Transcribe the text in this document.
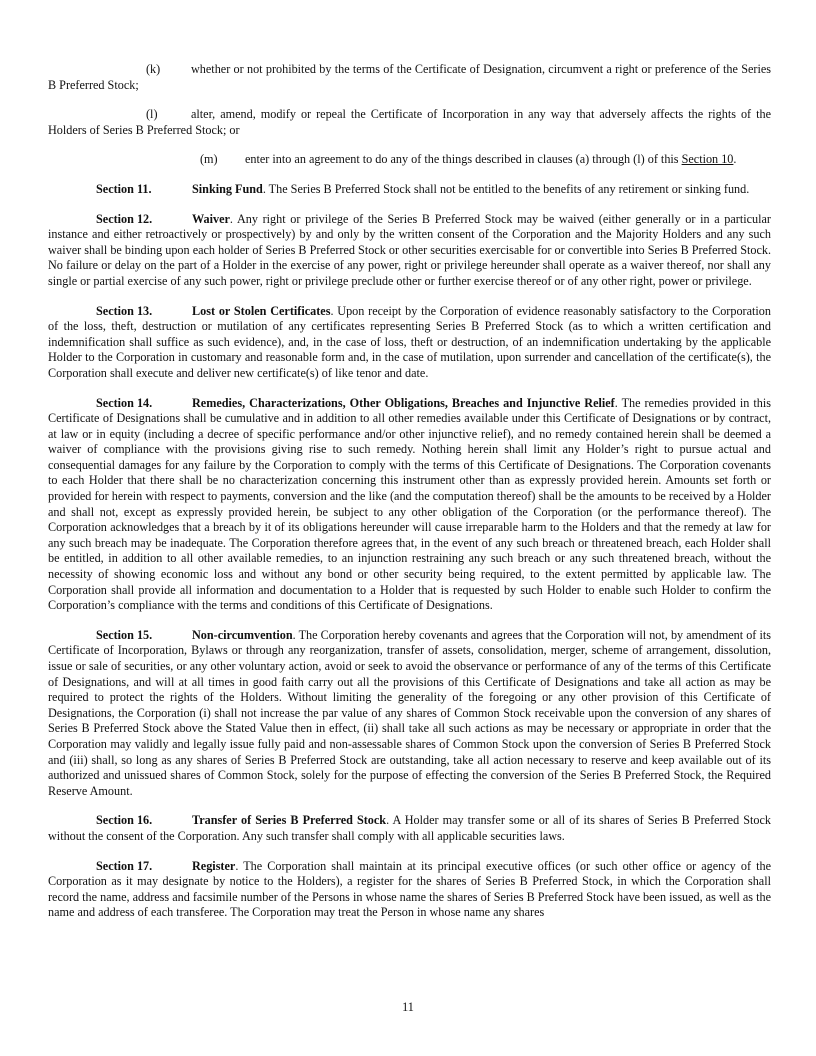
(k)	whether or not prohibited by the terms of the Certificate of Designation, circumvent a right or preference of the Series B Preferred Stock;

(l)	alter, amend, modify or repeal the Certificate of Incorporation in any way that adversely affects the rights of the Holders of Series B Preferred Stock; or

(m) enter into an agreement to do any of the things described in clauses (a) through (l) of this Section 10.

Section 11.	Sinking Fund. The Series B Preferred Stock shall not be entitled to the benefits of any retirement or sinking fund.

Section 12.	Waiver. Any right or privilege of the Series B Preferred Stock may be waived (either generally or in a particular instance and either retroactively or prospectively) by and only by the written consent of the Corporation and the Majority Holders and any such waiver shall be binding upon each holder of Series B Preferred Stock or other securities exercisable for or convertible into Series B Preferred Stock. No failure or delay on the part of a Holder in the exercise of any power, right or privilege hereunder shall operate as a waiver thereof, nor shall any single or partial exercise of any such power, right or privilege preclude other or further exercise thereof or of any other right, power or privilege.

Section 13.	Lost or Stolen Certificates. Upon receipt by the Corporation of evidence reasonably satisfactory to the Corporation of the loss, theft, destruction or mutilation of any certificates representing Series B Preferred Stock (as to which a written certification and indemnification shall suffice as such evidence), and, in the case of loss, theft or destruction, of an indemnification undertaking by the applicable Holder to the Corporation in customary and reasonable form and, in the case of mutilation, upon surrender and cancellation of the certificate(s), the Corporation shall execute and deliver new certificate(s) of like tenor and date.

Section 14.	Remedies, Characterizations, Other Obligations, Breaches and Injunctive Relief. The remedies provided in this Certificate of Designations shall be cumulative and in addition to all other remedies available under this Certificate of Designations or by contract, at law or in equity (including a decree of specific performance and/or other injunctive relief), and no remedy contained herein shall be deemed a waiver of compliance with the provisions giving rise to such remedy. Nothing herein shall limit any Holder’s right to pursue actual and consequential damages for any failure by the Corporation to comply with the terms of this Certificate of Designations. The Corporation covenants to each Holder that there shall be no characterization concerning this instrument other than as expressly provided herein. Amounts set forth or provided for herein with respect to payments, conversion and the like (and the computation thereof) shall be the amounts to be received by a Holder and shall not, except as expressly provided herein, be subject to any other obligation of the Corporation (or the performance thereof). The Corporation acknowledges that a breach by it of its obligations hereunder will cause irreparable harm to the Holders and that the remedy at law for any such breach may be inadequate. The Corporation therefore agrees that, in the event of any such breach or threatened breach, each Holder shall be entitled, in addition to all other available remedies, to an injunction restraining any such breach or any such threatened breach, without the necessity of showing economic loss and without any bond or other security being required, to the extent permitted by applicable law. The Corporation shall provide all information and documentation to a Holder that is requested by such Holder to enable such Holder to confirm the Corporation’s compliance with the terms and conditions of this Certificate of Designations.

Section 15.	Non-circumvention. The Corporation hereby covenants and agrees that the Corporation will not, by amendment of its Certificate of Incorporation, Bylaws or through any reorganization, transfer of assets, consolidation, merger, scheme of arrangement, dissolution, issue or sale of securities, or any other voluntary action, avoid or seek to avoid the observance or performance of any of the terms of this Certificate of Designations, and will at all times in good faith carry out all the provisions of this Certificate of Designations and take all action as may be required to protect the rights of the Holders. Without limiting the generality of the foregoing or any other provision of this Certificate of Designations, the Corporation (i) shall not increase the par value of any shares of Common Stock receivable upon the conversion of any shares of Series B Preferred Stock above the Stated Value then in effect, (ii) shall take all such actions as may be necessary or appropriate in order that the Corporation may validly and legally issue fully paid and non-assessable shares of Common Stock upon the conversion of Series B Preferred Stock and (iii) shall, so long as any shares of Series B Preferred Stock are outstanding, take all action necessary to reserve and keep available out of its authorized and unissued shares of Common Stock, solely for the purpose of effecting the conversion of the Series B Preferred Stock, the Required Reserve Amount.

Section 16.	Transfer of Series B Preferred Stock. A Holder may transfer some or all of its shares of Series B Preferred Stock without the consent of the Corporation. Any such transfer shall comply with all applicable securities laws.

Section 17.	Register. The Corporation shall maintain at its principal executive offices (or such other office or agency of the Corporation as it may designate by notice to the Holders), a register for the shares of Series B Preferred Stock, in which the Corporation shall record the name, address and facsimile number of the Persons in whose name the shares of Series B Preferred Stock have been issued, as well as the name and address of each transferee. The Corporation may treat the Person in whose name any shares

11
